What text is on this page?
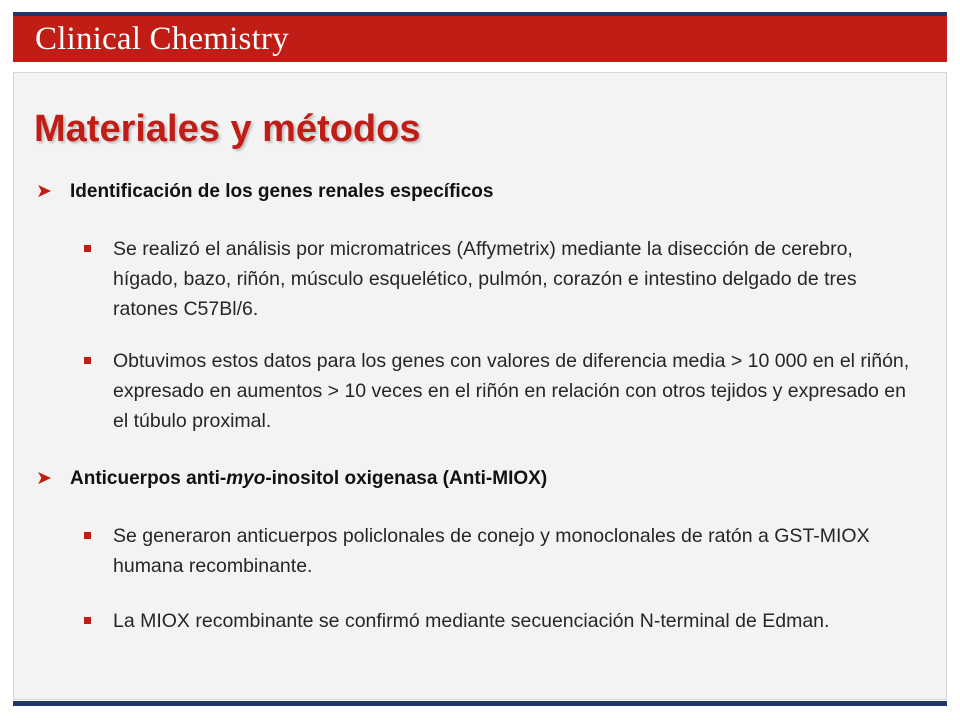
Clinical Chemistry
Materiales y métodos
➤ Identificación de los genes renales específicos
Se realizó el análisis por micromatrices (Affymetrix) mediante la disección de cerebro, hígado, bazo, riñón, músculo esquelético, pulmón, corazón e intestino delgado de tres ratones C57Bl/6.
Obtuvimos estos datos para los genes con valores de diferencia media > 10 000 en el riñón, expresado en aumentos > 10 veces en el riñón en relación con otros tejidos y expresado en el túbulo proximal.
➤ Anticuerpos anti-myo-inositol oxigenasa (Anti-MIOX)
Se generaron anticuerpos policlonales de conejo y monoclonales de ratón a GST-MIOX humana recombinante.
La MIOX recombinante se confirmó mediante secuenciación N-terminal de Edman.
